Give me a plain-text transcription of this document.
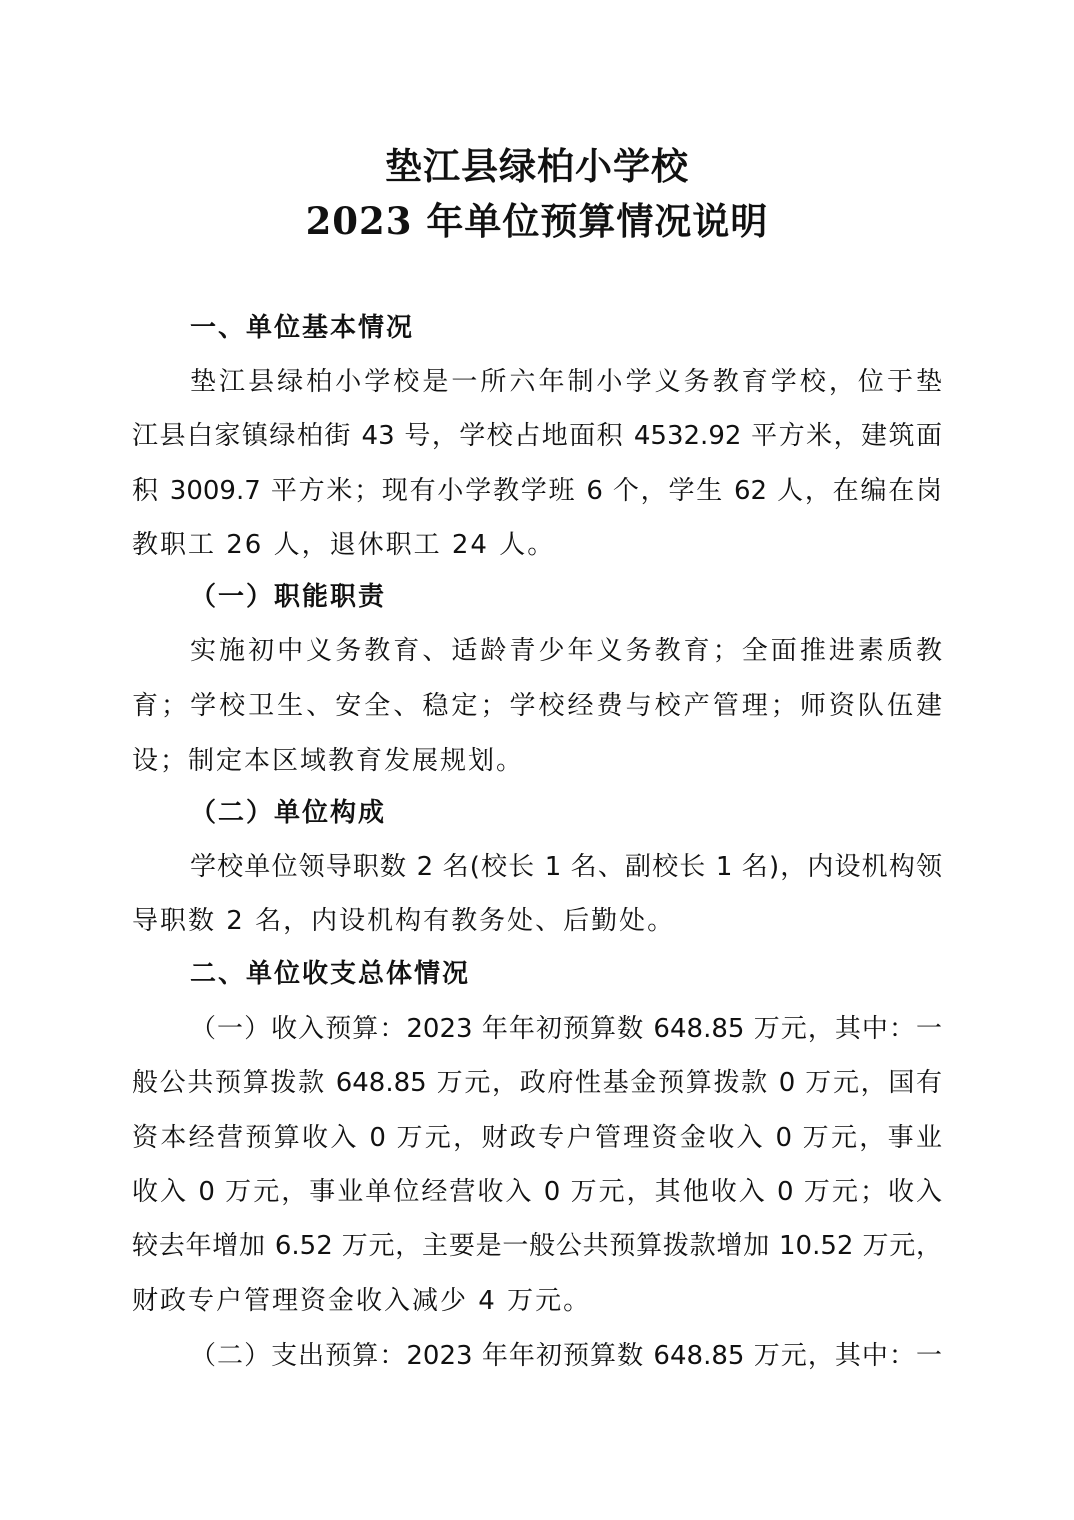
垫江县绿柏小学校
2023 年单位预算情况说明
一、单位基本情况
垫江县绿柏小学校是一所六年制小学义务教育学校，位于垫
江县白家镇绿柏街 43 号，学校占地面积 4532.92 平方米，建筑面
积 3009.7 平方米；现有小学教学班 6 个，学生 62 人，在编在岗
教职工 26 人，退休职工 24 人。
（一）职能职责
实施初中义务教育、适龄青少年义务教育；全面推进素质教
育；学校卫生、安全、稳定；学校经费与校产管理；师资队伍建
设；制定本区域教育发展规划。
（二）单位构成
学校单位领导职数 2 名(校长 1 名、副校长 1 名)，内设机构领
导职数 2 名，内设机构有教务处、后勤处。
二、单位收支总体情况
（一）收入预算：2023 年年初预算数 648.85 万元，其中：一
般公共预算拨款 648.85 万元，政府性基金预算拨款 0 万元，国有
资本经营预算收入 0 万元，财政专户管理资金收入 0 万元，事业
收入 0 万元，事业单位经营收入 0 万元，其他收入 0 万元；收入
较去年增加 6.52 万元，主要是一般公共预算拨款增加 10.52 万元，
财政专户管理资金收入减少 4 万元。
（二）支出预算：2023 年年初预算数 648.85 万元，其中：一
